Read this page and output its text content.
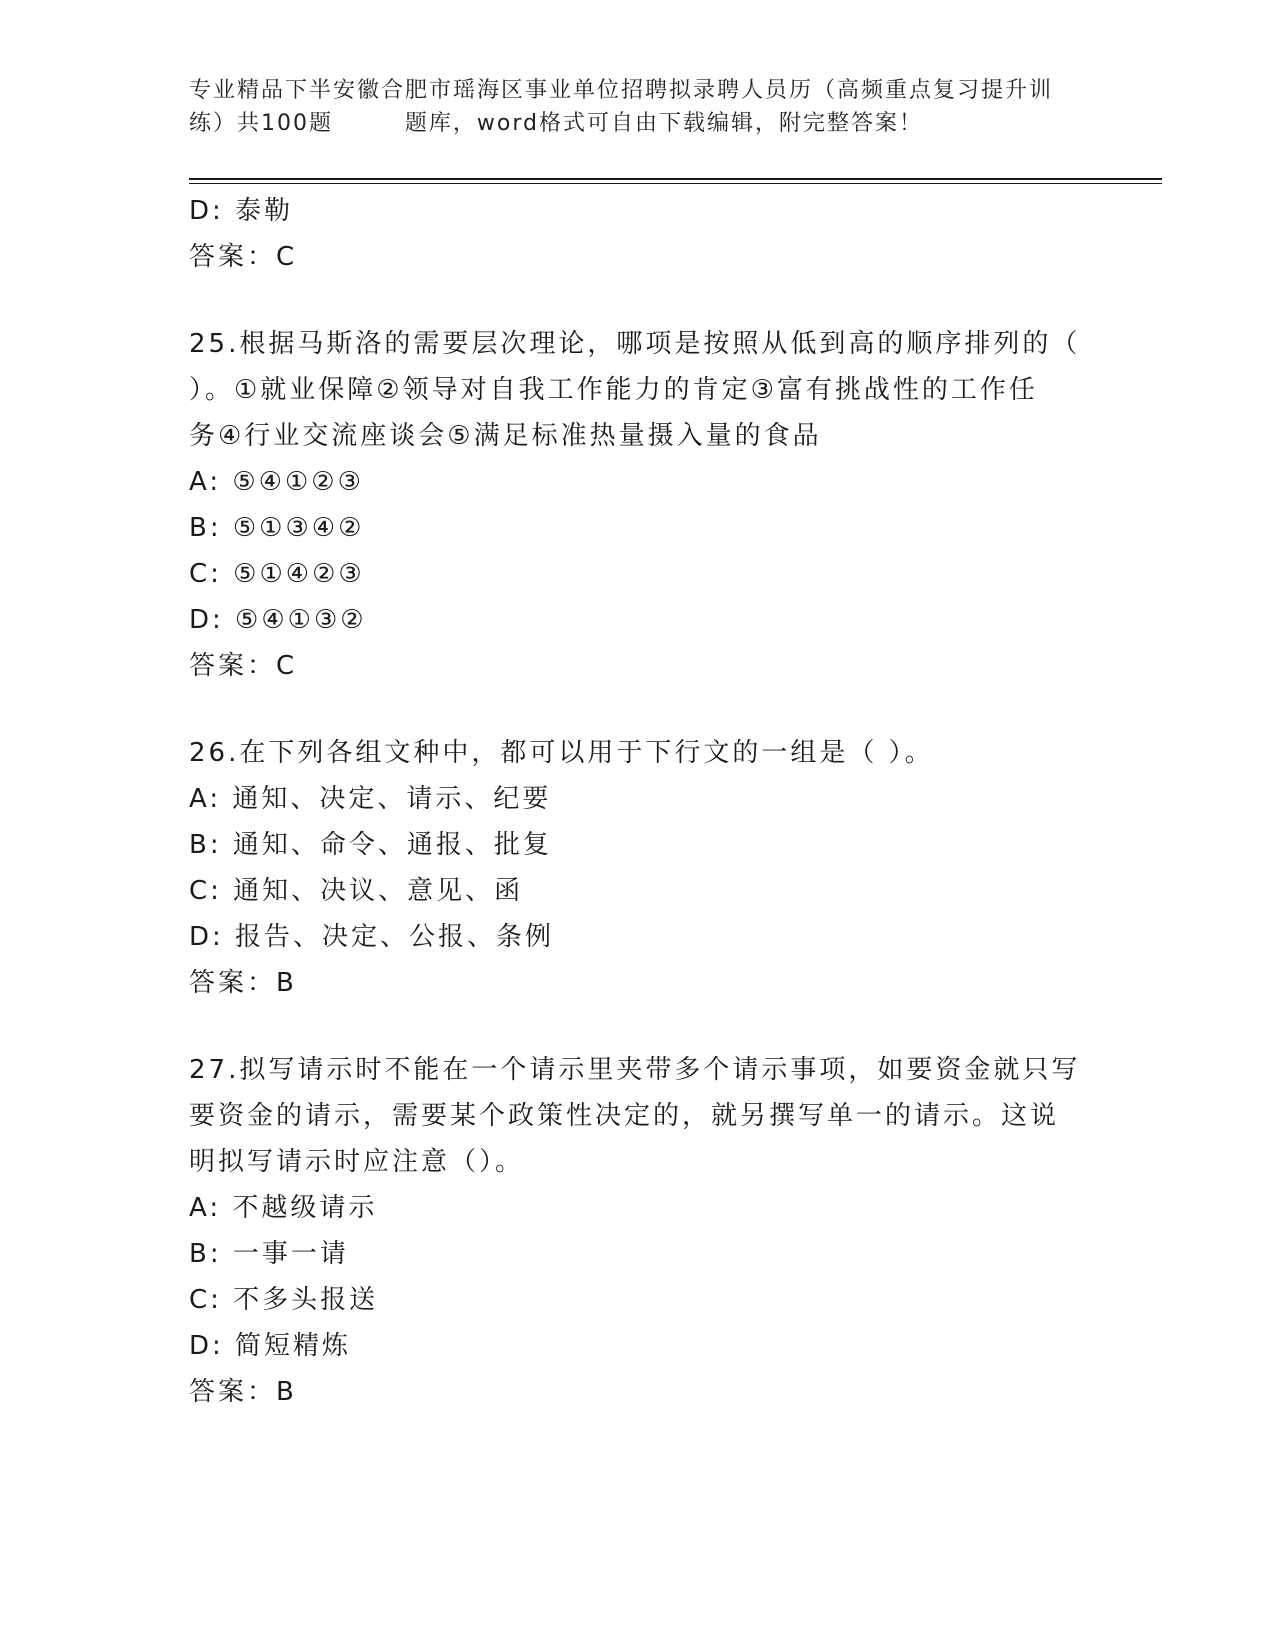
专业精品下半安徽合肥市瑶海区事业单位招聘拟录聘人员历（高频重点复习提升训
练）共100题        题库，word格式可自由下载编辑，附完整答案！
D: 泰勒
答案：C
25.根据马斯洛的需要层次理论，哪项是按照从低到高的顺序排列的（
）。①就业保障②领导对自我工作能力的肯定③富有挑战性的工作任
务④行业交流座谈会⑤满足标准热量摄入量的食品
A: ⑤④①②③
B: ⑤①③④②
C: ⑤①④②③
D: ⑤④①③②
答案：C
26.在下列各组文种中，都可以用于下行文的一组是（ ）。
A: 通知、决定、请示、纪要
B: 通知、命令、通报、批复
C: 通知、决议、意见、函
D: 报告、决定、公报、条例
答案：B
27.拟写请示时不能在一个请示里夹带多个请示事项，如要资金就只写
要资金的请示，需要某个政策性决定的，就另撰写单一的请示。这说
明拟写请示时应注意（）。
A: 不越级请示
B: 一事一请
C: 不多头报送
D: 简短精炼
答案：B
